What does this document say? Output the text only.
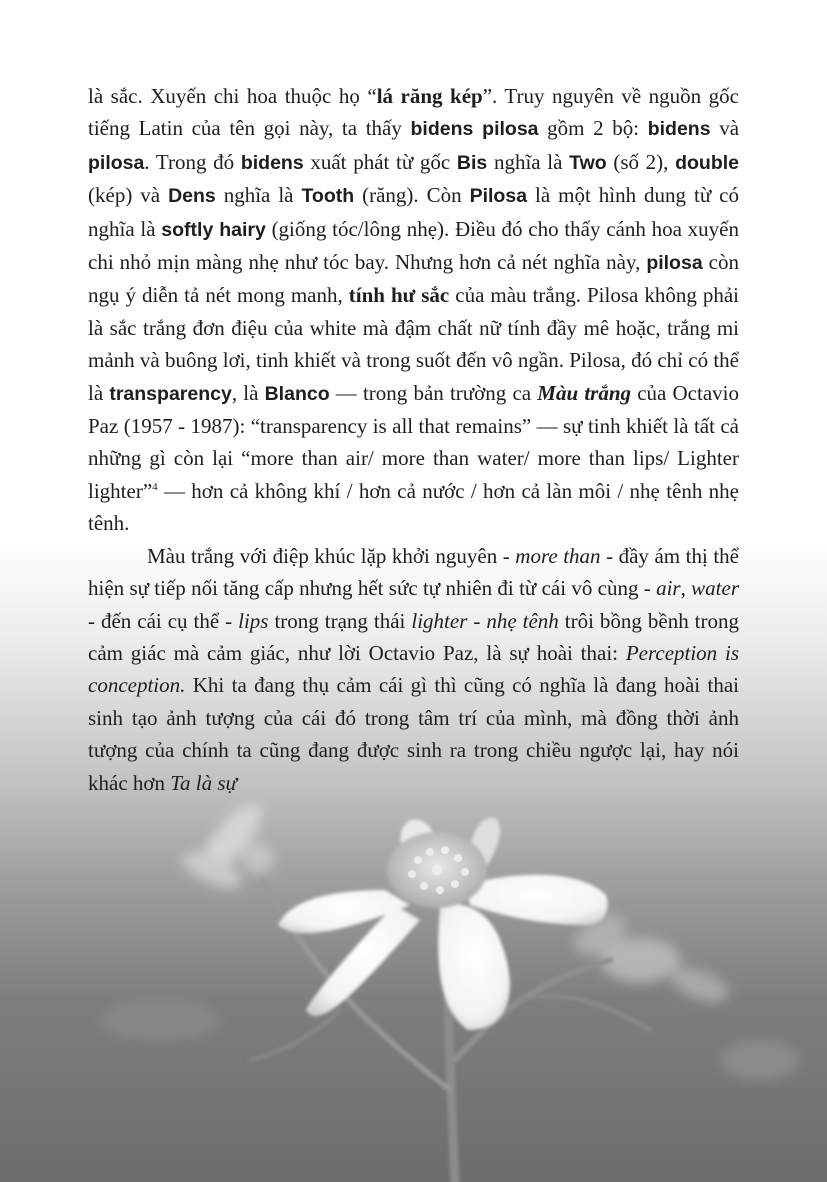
là sắc. Xuyến chi hoa thuộc họ “lá răng kép”. Truy nguyên về nguồn gốc tiếng Latin của tên gọi này, ta thấy bidens pilosa gồm 2 bộ: bidens và pilosa. Trong đó bidens xuất phát từ gốc Bis nghĩa là Two (số 2), double (kép) và Dens nghĩa là Tooth (răng). Còn Pilosa là một hình dung từ có nghĩa là softly hairy (giống tóc/lông nhẹ). Điều đó cho thấy cánh hoa xuyến chi nhỏ mịn màng nhẹ như tóc bay. Nhưng hơn cả nét nghĩa này, pilosa còn ngụ ý diễn tả nét mong manh, tính hư sắc của màu trắng. Pilosa không phải là sắc trắng đơn điệu của white mà đậm chất nữ tính đầy mê hoặc, trắng mi mảnh và buông lơi, tinh khiết và trong suốt đến vô ngần. Pilosa, đó chỉ có thể là transparency, là Blanco — trong bản trường ca Màu trắng của Octavio Paz (1957 - 1987): “transparency is all that remains” — sự tinh khiết là tất cả những gì còn lại “more than air/ more than water/ more than lips/ Lighter lighter”$^4$ — hơn cả không khí / hơn cả nước / hơn cả làn môi / nhẹ tênh nhẹ tênh.

Màu trắng với điệp khúc lặp khởi nguyên - more than - đầy ám thị thể hiện sự tiếp nối tăng cấp nhưng hết sức tự nhiên đi từ cái vô cùng - air, water - đến cái cụ thể - lips trong trạng thái lighter - nhẹ tênh trôi bồng bềnh trong cảm giác mà cảm giác, như lời Octavio Paz, là sự hoài thai: Perception is conception. Khi ta đang thụ cảm cái gì thì cũng có nghĩa là đang hoài thai sinh tạo ảnh tượng của cái đó trong tâm trí của mình, mà đồng thời ảnh tượng của chính ta cũng đang được sinh ra trong chiều ngược lại, hay nói khác hơn Ta là sự
